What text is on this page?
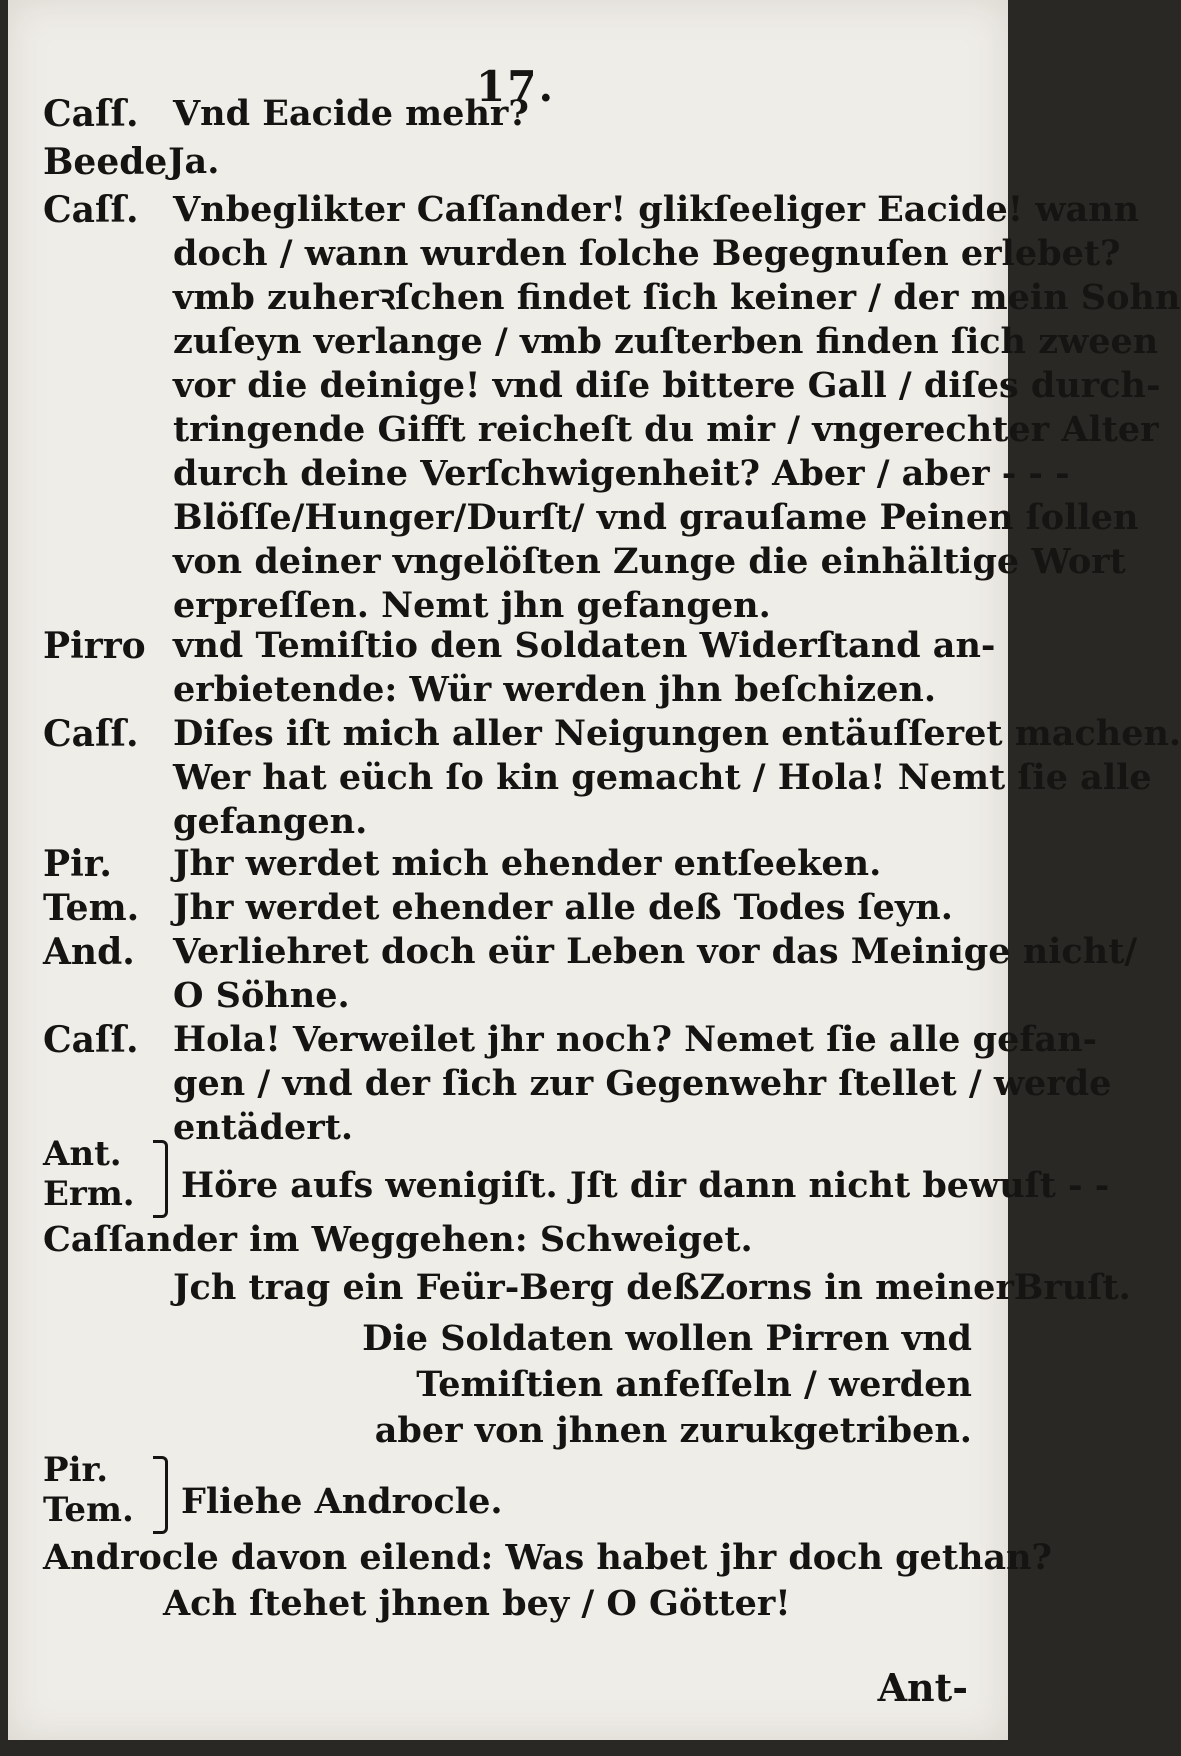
17.
Caſſ. Vnd Eacide mehr?
Beede Ja.
Caſſ. Vnbeglikter Caſſander! glikſeeliger Eacide! wann
doch / wann wurden ſolche Begegnuſen erlebet?
vmb zuherꝛſchen findet ſich keiner / der mein Sohn
zuſeyn verlange / vmb zuſterben finden ſich zween
vor die deinige! vnd diſe bittere Gall / diſes durch-
tringende Gifft reicheſt du mir / vngerechter Alter
durch deine Verſchwigenheit? Aber / aber - - -
Blöſſe/Hunger/Durſt/ vnd grauſame Peinen ſollen
von deiner vngelöſten Zunge die einhältige Wort
erpreſſen. Nemt jhn gefangen.
Pirro vnd Temiſtio den Soldaten Widerſtand an-
erbietende: Wür werden jhn beſchizen.
Caſſ. Diſes iſt mich aller Neigungen entäuſſeret machen.
Wer hat eüch ſo kin gemacht / Hola! Nemt ſie alle
gefangen.
Pir. Jhr werdet mich ehender entſeeken.
Tem. Jhr werdet ehender alle deß Todes ſeyn.
And. Verliehret doch eür Leben vor das Meinige nicht/
O Söhne.
Caſſ. Hola! Verweilet jhr noch? Nemet ſie alle gefan-
gen / vnd der ſich zur Gegenwehr ſtellet / werde
entädert.
Ant.
Erm. Höre aufs wenigiſt. Jſt dir dann nicht bewuſt - -
Caſſander im Weggehen: Schweiget.
Jch trag ein Feür-Berg deßZorns in meinerBruſt.
Die Soldaten wollen Pirren vnd
Temiſtien anfeſſeln / werden
aber von jhnen zurukgetriben.
Pir.
Tem. Fliehe Androcle.
Androcle davon eilend: Was habet jhr doch gethan?
Ach ſtehet jhnen bey / O Götter!
Ant-
